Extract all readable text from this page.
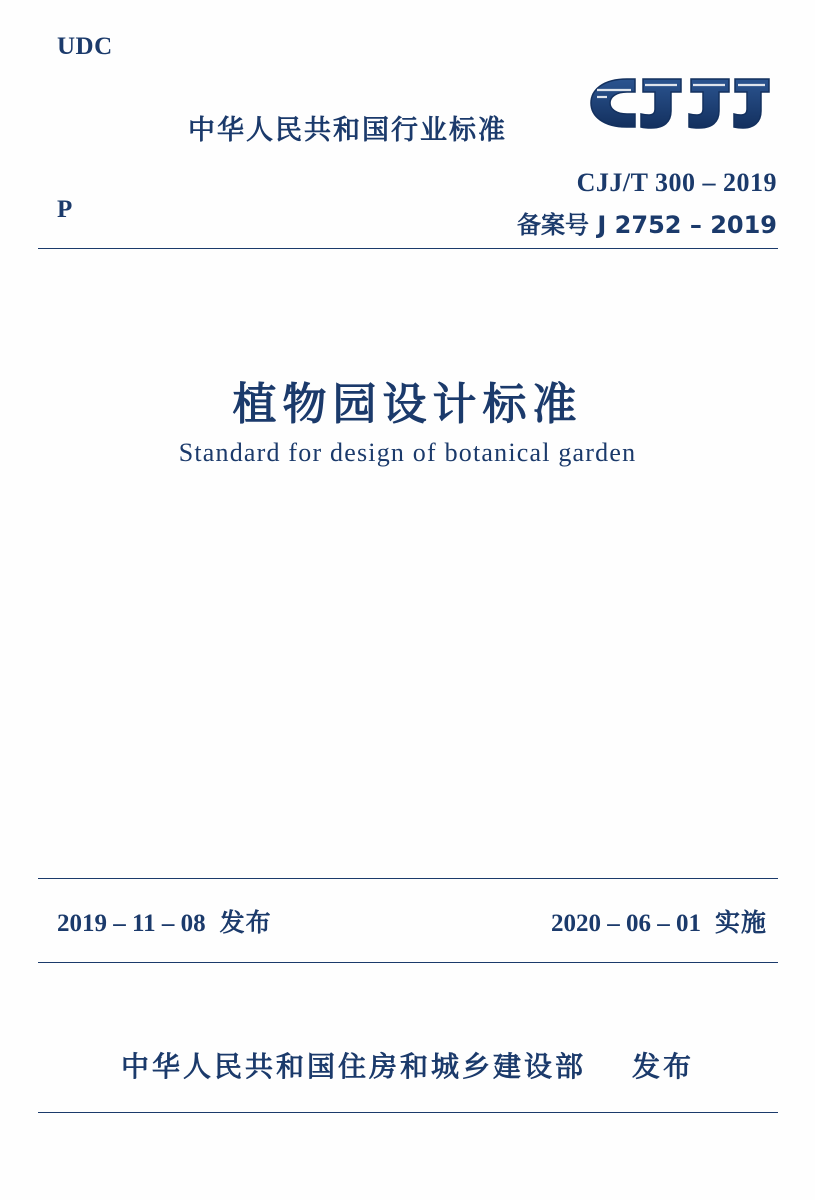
UDC
P
中华人民共和国行业标准
CJJ/T 300 – 2019
备案号 J 2752 – 2019
植物园设计标准
Standard for design of botanical garden
2019 – 11 – 08 发布	2020 – 06 – 01 实施
中华人民共和国住房和城乡建设部 发布
